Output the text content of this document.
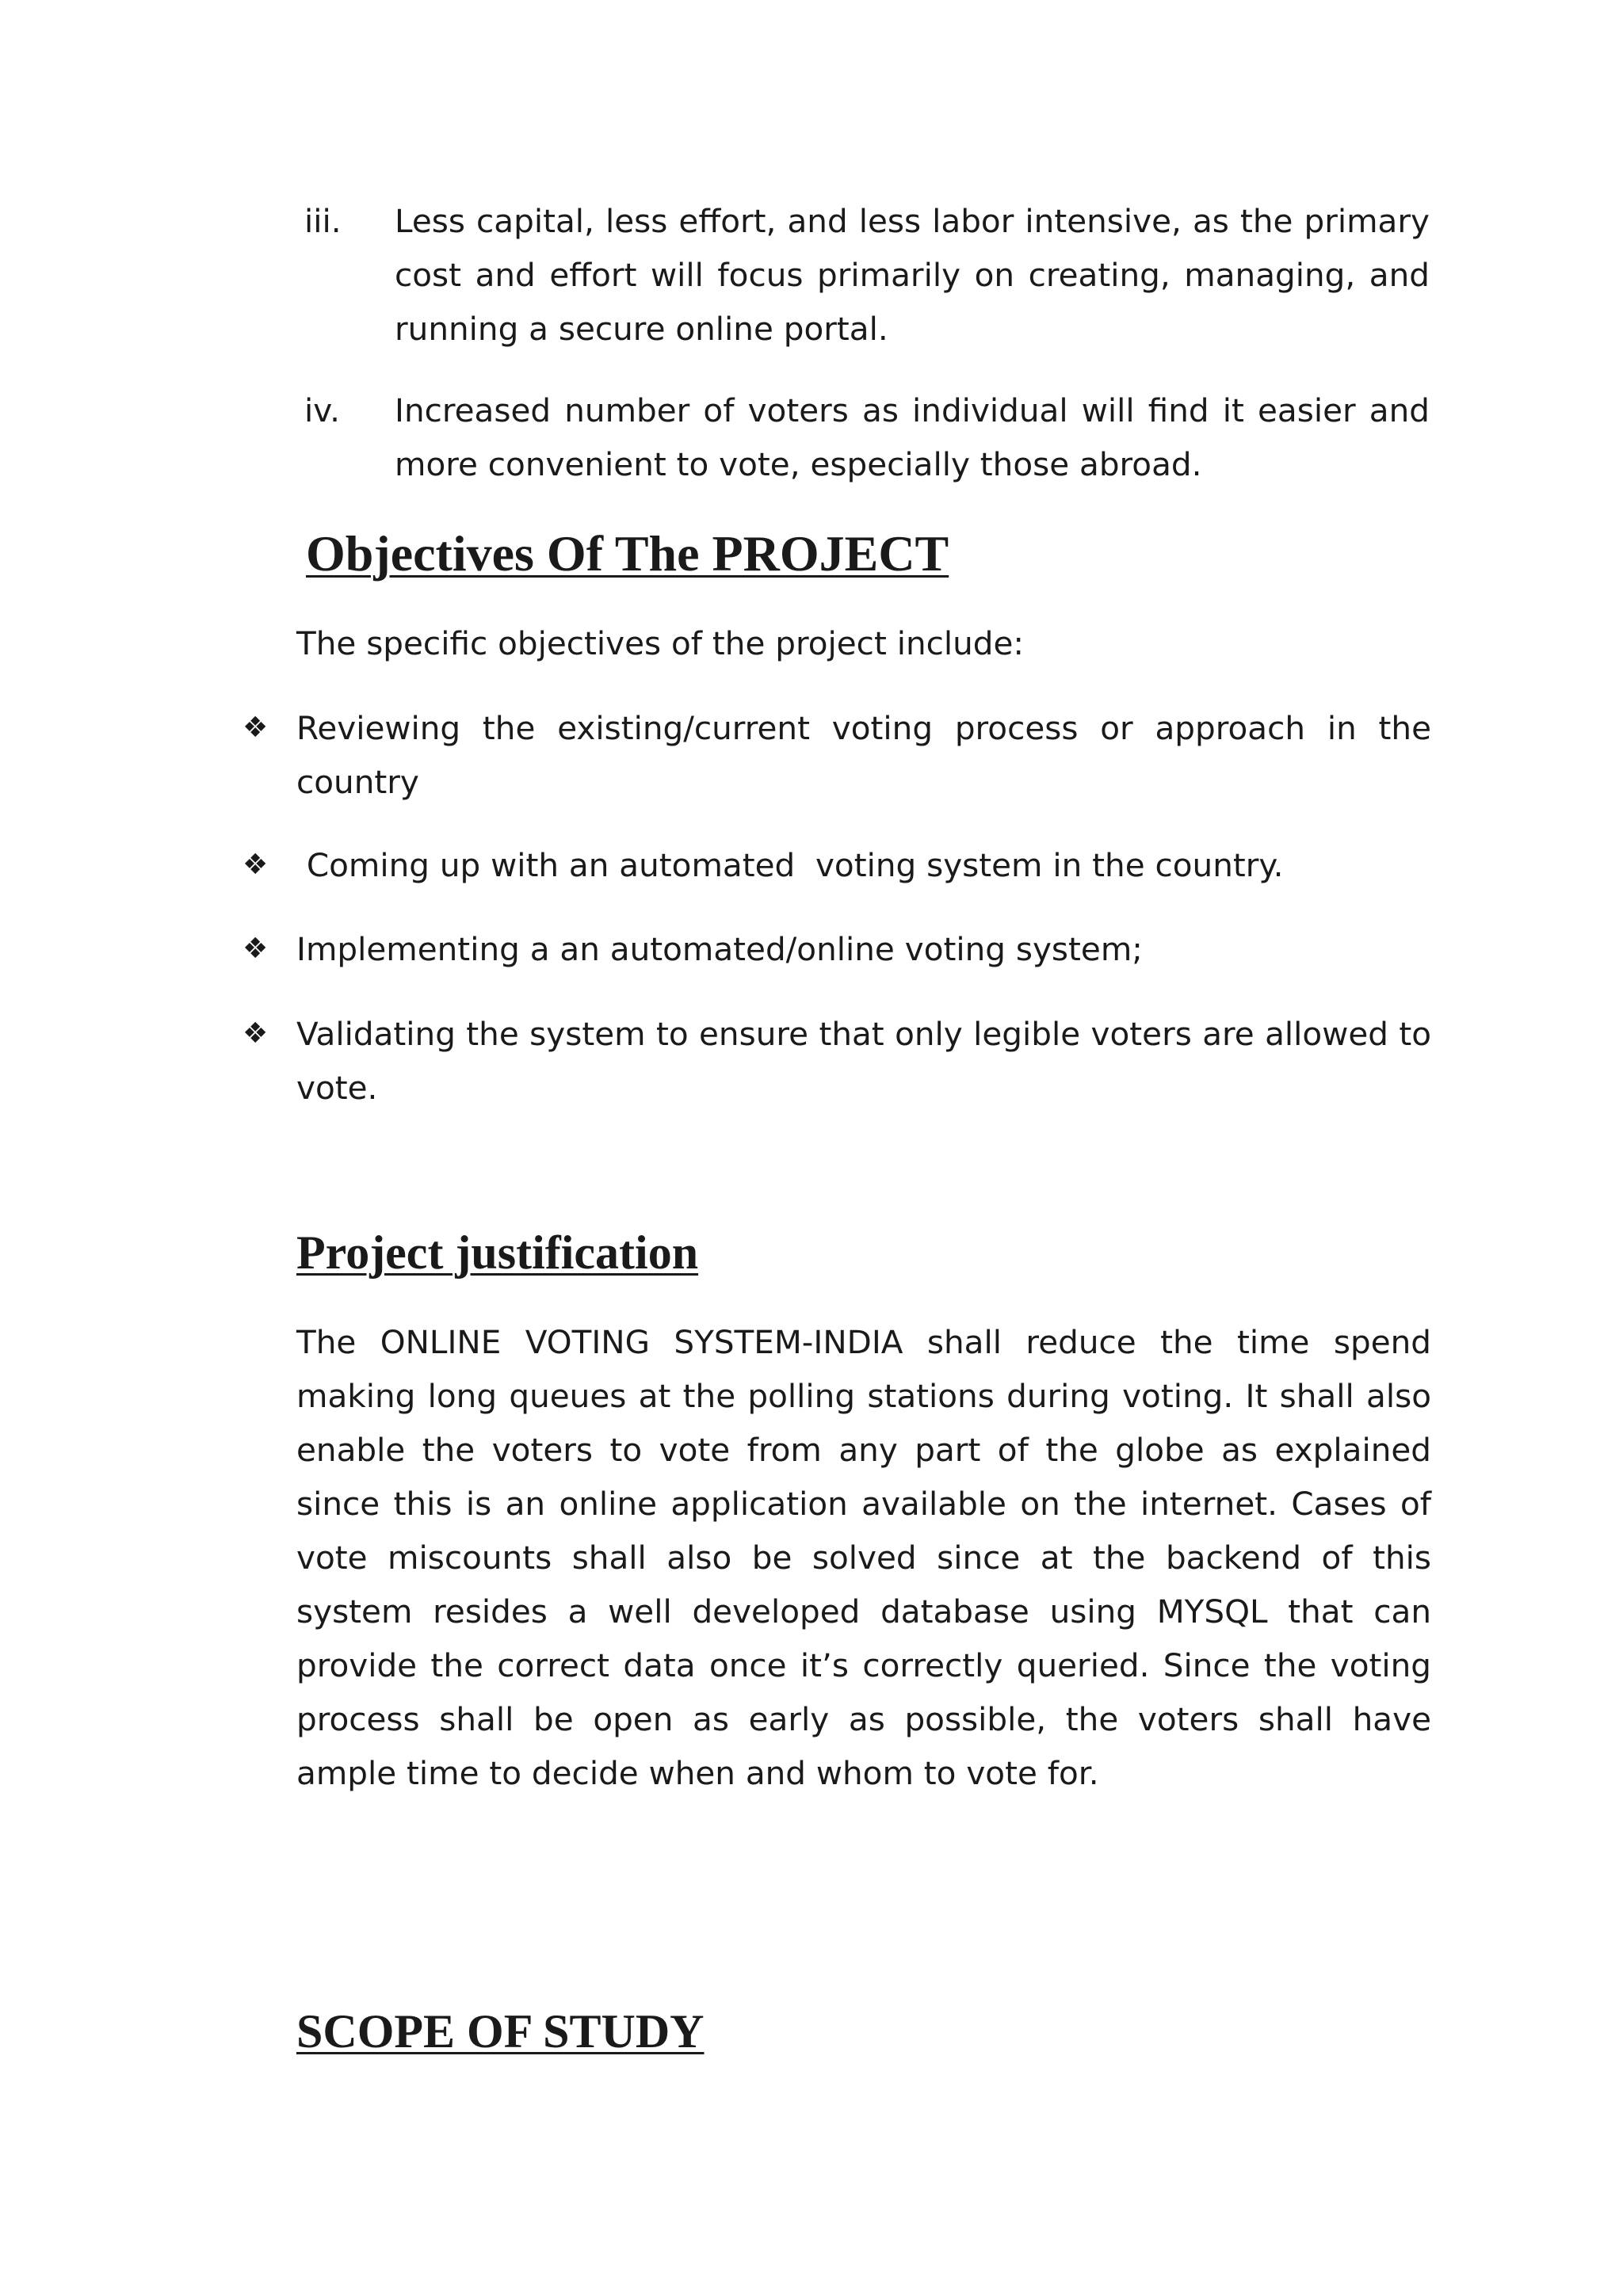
iii. Less capital, less effort, and less labor intensive, as the primary cost and effort will focus primarily on creating, managing, and running a secure online portal.

iv. Increased number of voters as individual will find it easier and more convenient to vote, especially those abroad.

Objectives Of The PROJECT

The specific objectives of the project include:

❖ Reviewing the existing/current voting process or approach in the country

❖ Coming up with an automated  voting system in the country.

❖ Implementing a an automated/online voting system;

❖ Validating the system to ensure that only legible voters are allowed to vote.

Project justification

The ONLINE VOTING SYSTEM-INDIA shall reduce the time spend making long queues at the polling stations during voting. It shall also enable the voters to vote from any part of the globe as explained since this is an online application available on the internet. Cases of vote miscounts shall also be solved since at the backend of this system resides a well developed database using MYSQL that can provide the correct data once it’s correctly queried. Since the voting process shall be open as early as possible, the voters shall have ample time to decide when and whom to vote for.

SCOPE OF STUDY
